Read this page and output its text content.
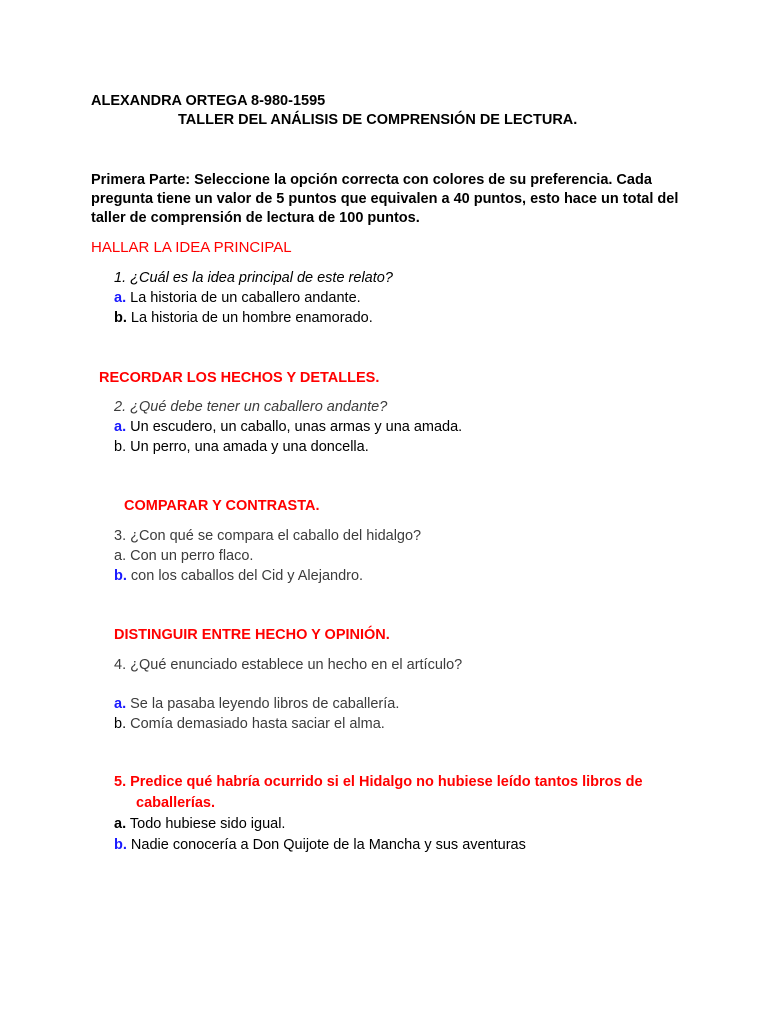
ALEXANDRA ORTEGA 8-980-1595
TALLER DEL ANÁLISIS DE COMPRENSIÓN DE LECTURA.
Primera Parte: Seleccione la opción correcta con colores de su preferencia. Cada pregunta tiene un valor de 5 puntos que equivalen a 40 puntos, esto hace un total del taller de comprensión de lectura de 100 puntos.
HALLAR LA IDEA PRINCIPAL
1. ¿Cuál es la idea principal de este relato?
a. La historia de un caballero andante.
b. La historia de un hombre enamorado.
RECORDAR LOS HECHOS Y DETALLES.
2. ¿Qué debe tener un caballero andante?
a. Un escudero, un caballo, unas armas y una amada.
b. Un perro, una amada y una doncella.
COMPARAR Y CONTRASTA.
3. ¿Con qué se compara el caballo del hidalgo?
a. Con un perro flaco.
b. con los caballos del Cid y Alejandro.
DISTINGUIR ENTRE HECHO Y OPINIÓN.
4. ¿Qué enunciado establece un hecho en el artículo?
a. Se la pasaba leyendo libros de caballería.
b. Comía demasiado hasta saciar el alma.
5. Predice qué habría ocurrido si el Hidalgo no hubiese leído tantos libros de
caballerías.
a. Todo hubiese sido igual.
b. Nadie conocería a Don Quijote de la Mancha y sus aventuras
